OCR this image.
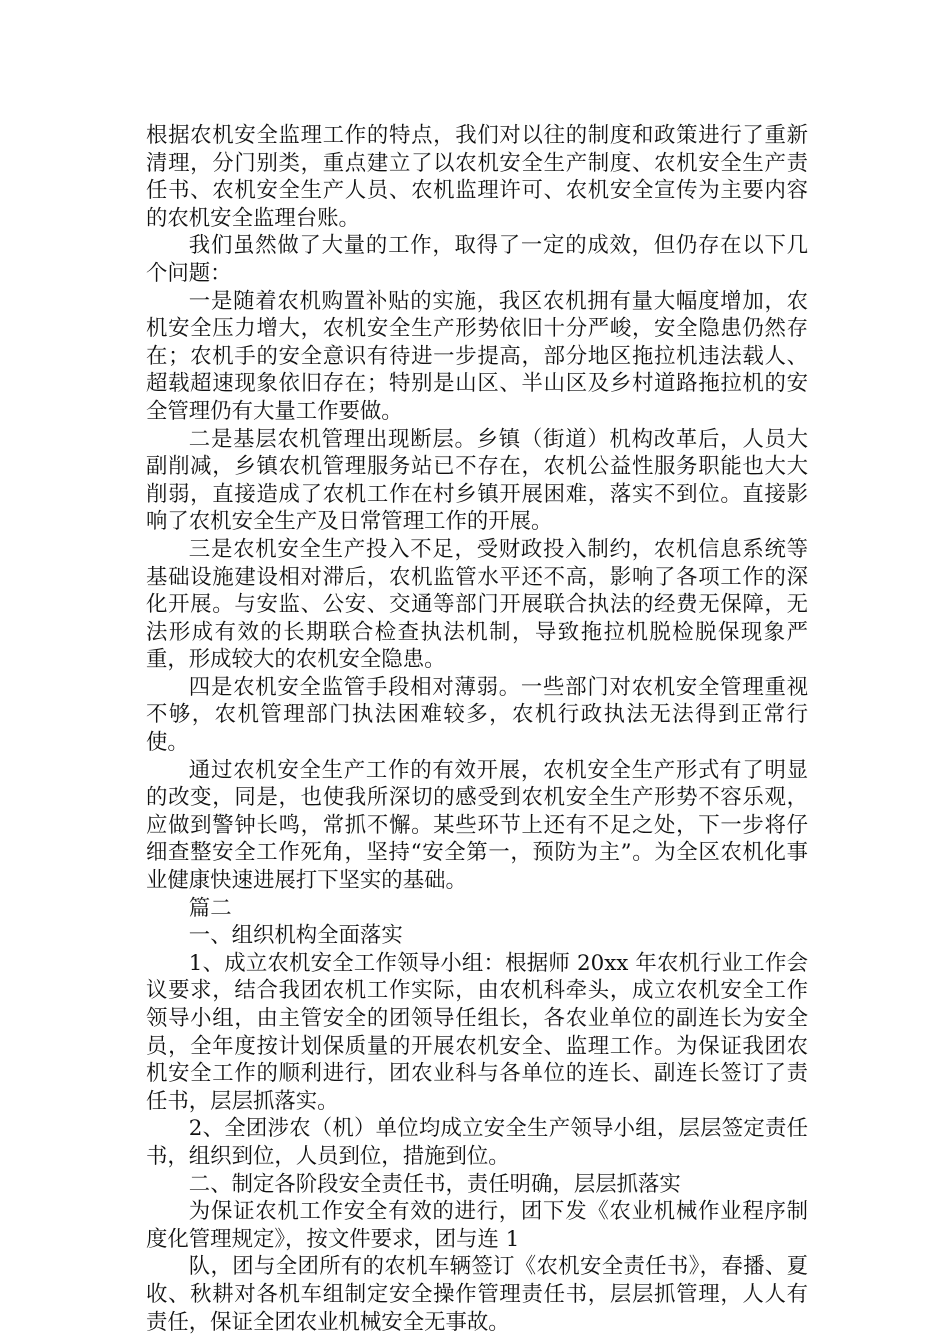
根据农机安全监理工作的特点，我们对以往的制度和政策进行了重新清理，分门别类，重点建立了以农机安全生产制度、农机安全生产责任书、农机安全生产人员、农机监理许可、农机安全宣传为主要内容的农机安全监理台账。

我们虽然做了大量的工作，取得了一定的成效，但仍存在以下几个问题：

一是随着农机购置补贴的实施，我区农机拥有量大幅度增加，农机安全压力增大，农机安全生产形势依旧十分严峻，安全隐患仍然存在；农机手的安全意识有待进一步提高，部分地区拖拉机违法载人、超载超速现象依旧存在；特别是山区、半山区及乡村道路拖拉机的安全管理仍有大量工作要做。

二是基层农机管理出现断层。乡镇（街道）机构改革后，人员大副削减，乡镇农机管理服务站已不存在，农机公益性服务职能也大大削弱，直接造成了农机工作在村乡镇开展困难，落实不到位。直接影响了农机安全生产及日常管理工作的开展。

三是农机安全生产投入不足，受财政投入制约，农机信息系统等基础设施建设相对滞后，农机监管水平还不高，影响了各项工作的深化开展。与安监、公安、交通等部门开展联合执法的经费无保障，无法形成有效的长期联合检查执法机制，导致拖拉机脱检脱保现象严重，形成较大的农机安全隐患。

四是农机安全监管手段相对薄弱。一些部门对农机安全管理重视不够，农机管理部门执法困难较多，农机行政执法无法得到正常行使。

通过农机安全生产工作的有效开展，农机安全生产形式有了明显的改变，同是，也使我所深切的感受到农机安全生产形势不容乐观，应做到警钟长鸣，常抓不懈。某些环节上还有不足之处，下一步将仔细查整安全工作死角，坚持“安全第一，预防为主”。为全区农机化事业健康快速进展打下坚实的基础。

篇二

一、组织机构全面落实

1、成立农机安全工作领导小组：根据师 20xx 年农机行业工作会议要求，结合我团农机工作实际，由农机科牵头，成立农机安全工作领导小组，由主管安全的团领导任组长，各农业单位的副连长为安全员，全年度按计划保质量的开展农机安全、监理工作。为保证我团农机安全工作的顺利进行，团农业科与各单位的连长、副连长签订了责任书，层层抓落实。

2、全团涉农（机）单位均成立安全生产领导小组，层层签定责任书，组织到位，人员到位，措施到位。

二、制定各阶段安全责任书，责任明确，层层抓落实

为保证农机工作安全有效的进行，团下发《农业机械作业程序制度化管理规定》，按文件要求，团与连 1

队，团与全团所有的农机车辆签订《农机安全责任书》，春播、夏收、秋耕对各机车组制定安全操作管理责任书，层层抓管理，人人有责任，保证全团农业机械安全无事故。
